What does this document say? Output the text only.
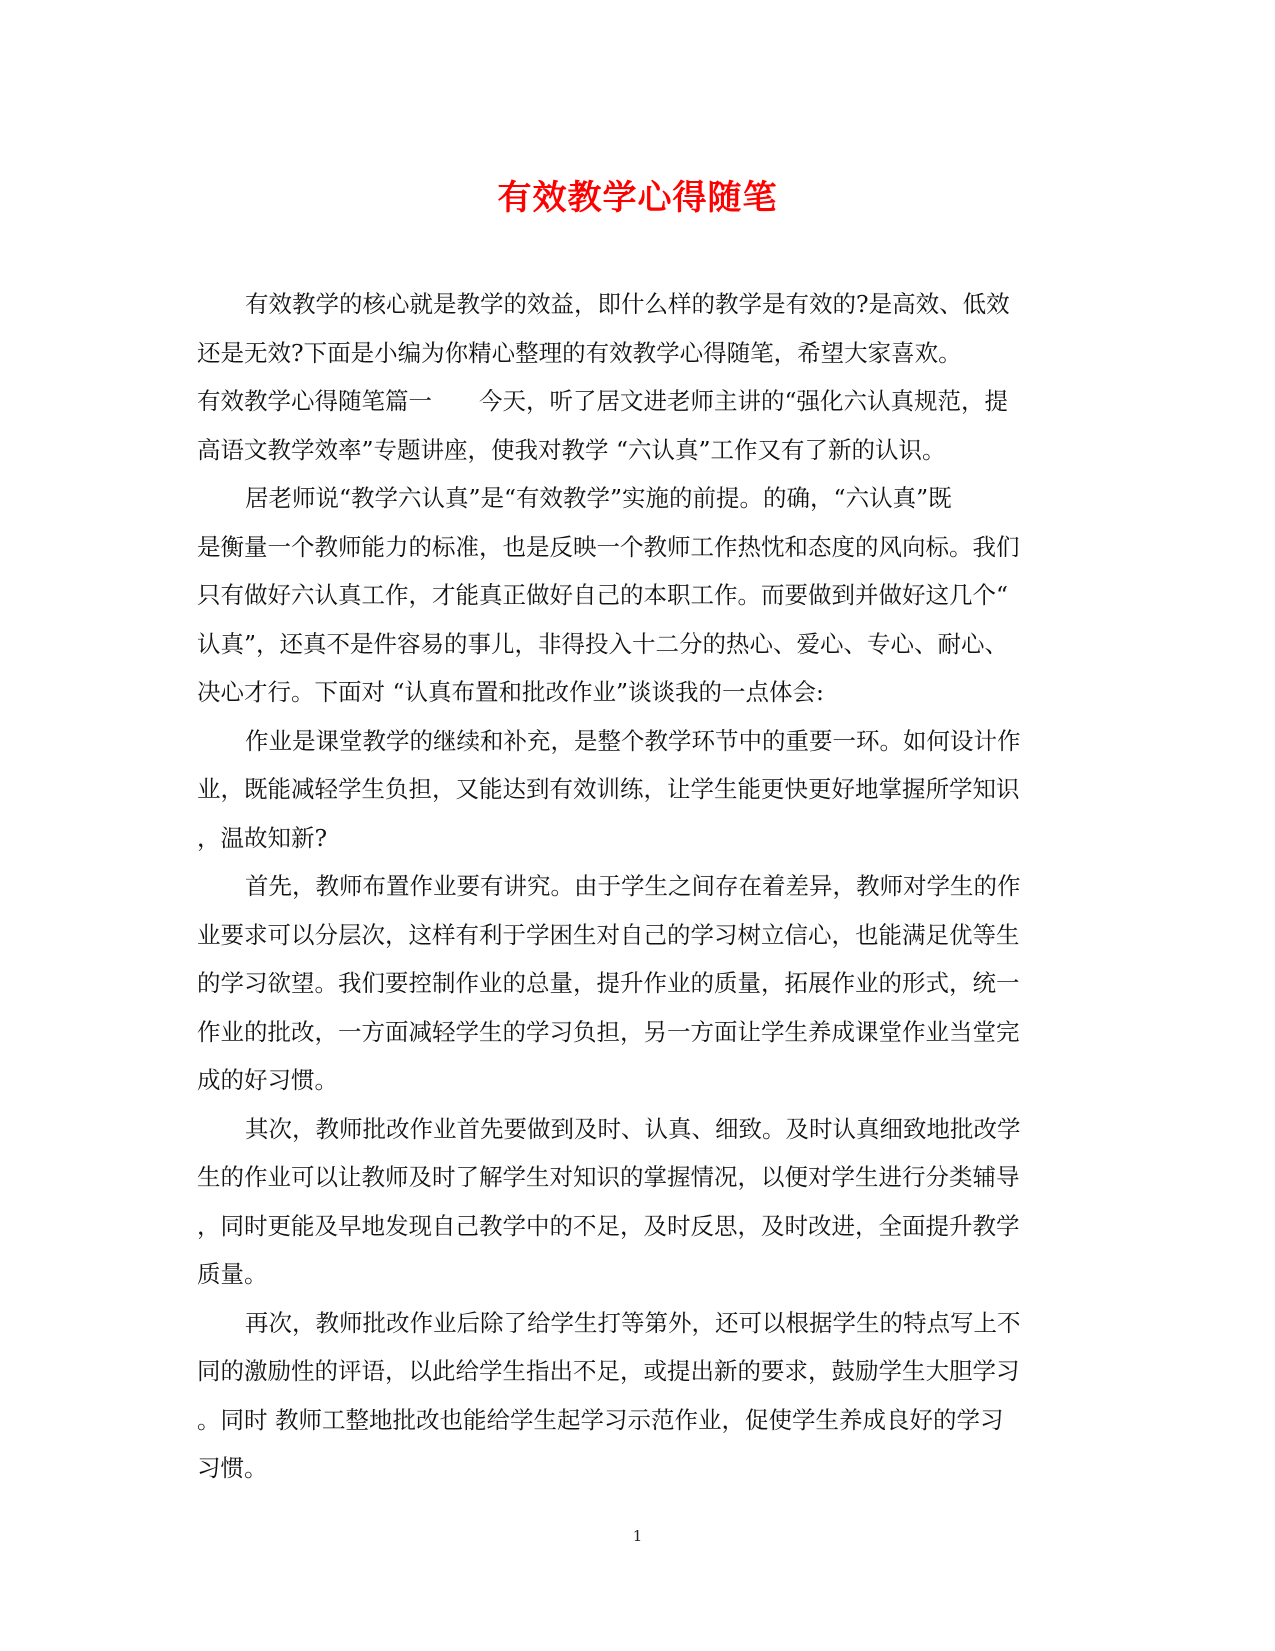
有效教学心得随笔
有效教学的核心就是教学的效益，即什么样的教学是有效的?是高效、低效
还是无效?下面是小编为你精心整理的有效教学心得随笔，希望大家喜欢。
有效教学心得随笔篇一　　今天，听了居文进老师主讲的“强化六认真规范，提
高语文教学效率”专题讲座，使我对教学 “六认真”工作又有了新的认识。
居老师说“教学六认真”是“有效教学”实施的前提。的确，“六认真”既
是衡量一个教师能力的标准，也是反映一个教师工作热忱和态度的风向标。我们
只有做好六认真工作，才能真正做好自己的本职工作。而要做到并做好这几个“
认真”，还真不是件容易的事儿，非得投入十二分的热心、爱心、专心、耐心、
决心才行。下面对 “认真布置和批改作业”谈谈我的一点体会:
作业是课堂教学的继续和补充，是整个教学环节中的重要一环。如何设计作
业，既能减轻学生负担，又能达到有效训练，让学生能更快更好地掌握所学知识
，温故知新?
首先，教师布置作业要有讲究。由于学生之间存在着差异，教师对学生的作
业要求可以分层次，这样有利于学困生对自己的学习树立信心，也能满足优等生
的学习欲望。我们要控制作业的总量，提升作业的质量，拓展作业的形式，统一
作业的批改，一方面减轻学生的学习负担，另一方面让学生养成课堂作业当堂完
成的好习惯。
其次，教师批改作业首先要做到及时、认真、细致。及时认真细致地批改学
生的作业可以让教师及时了解学生对知识的掌握情况，以便对学生进行分类辅导
，同时更能及早地发现自己教学中的不足，及时反思，及时改进，全面提升教学
质量。
再次，教师批改作业后除了给学生打等第外，还可以根据学生的特点写上不
同的激励性的评语，以此给学生指出不足，或提出新的要求，鼓励学生大胆学习
。同时 教师工整地批改也能给学生起学习示范作业，促使学生养成良好的学习
习惯。
1
